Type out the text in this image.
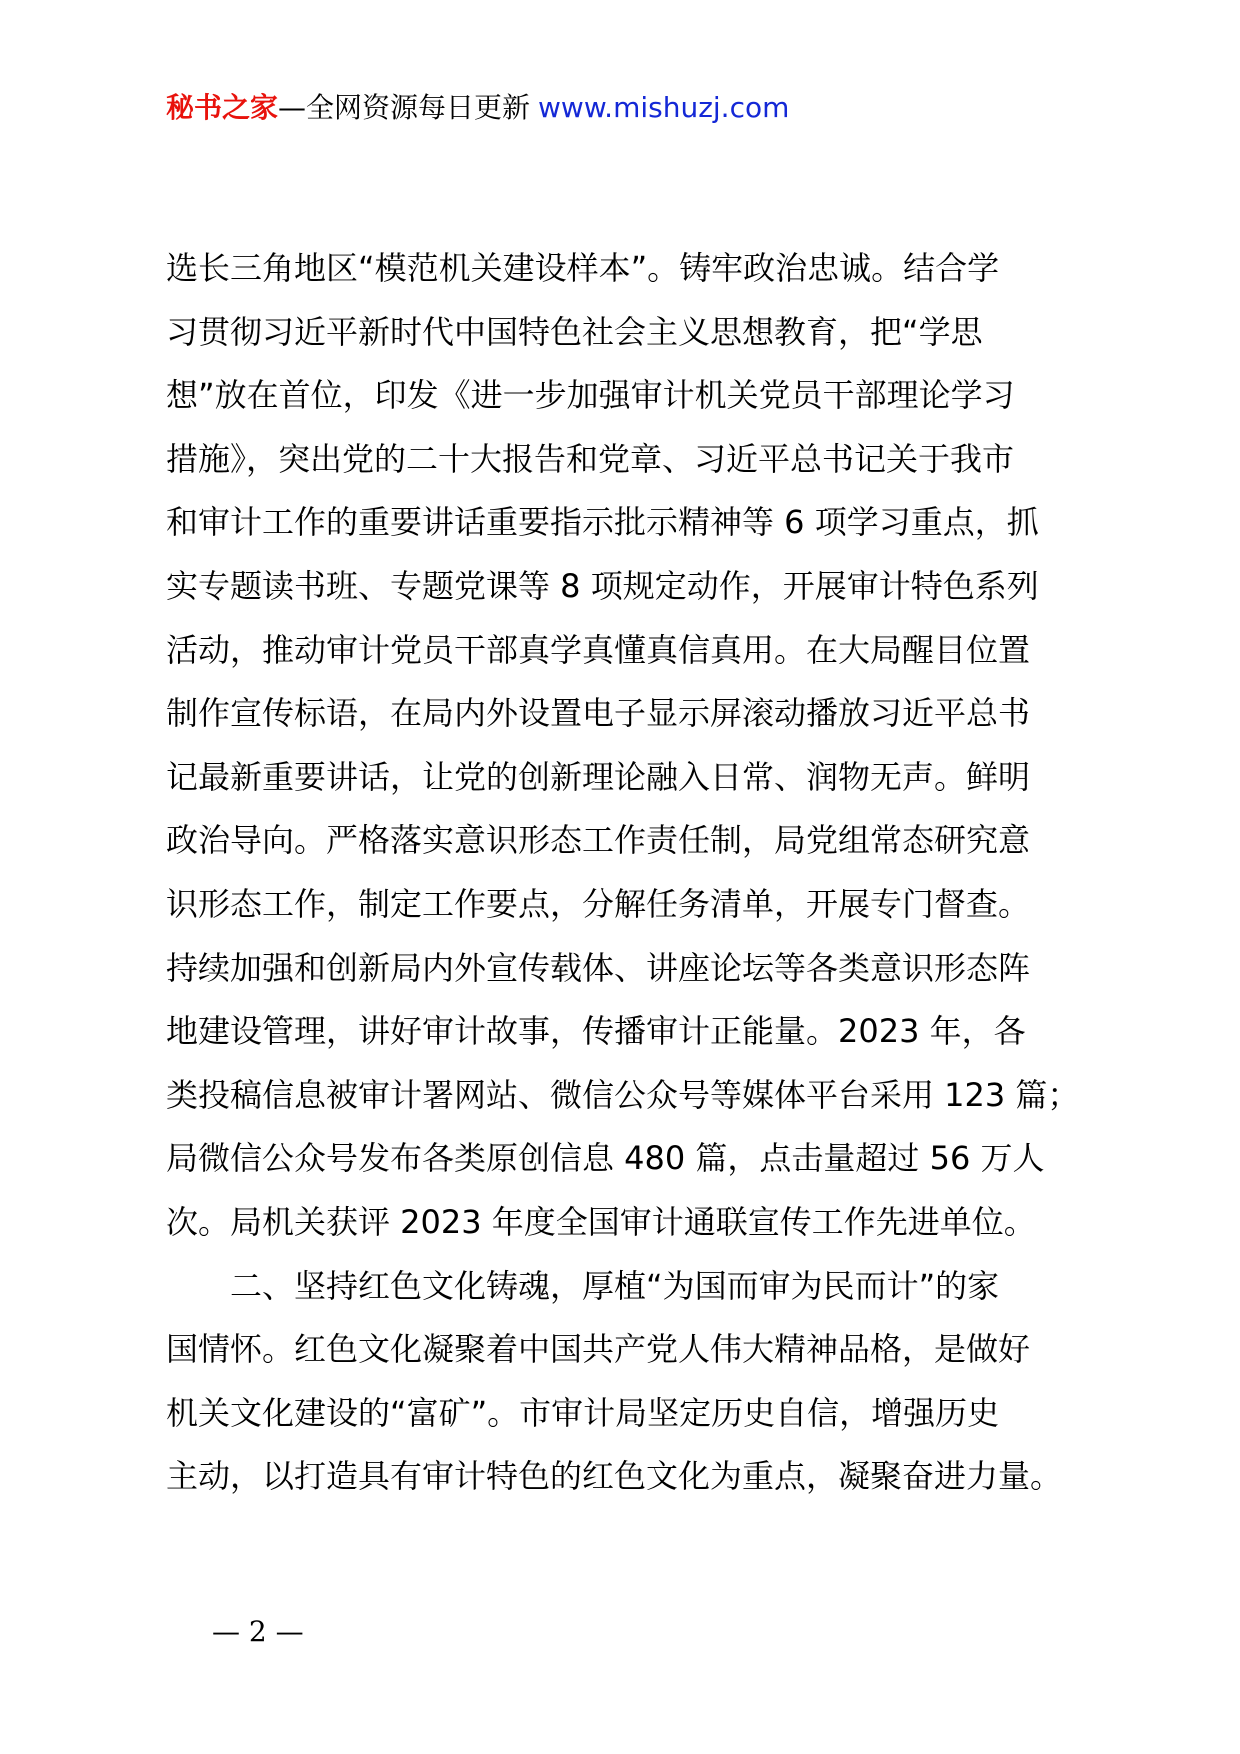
秘书之家—全网资源每日更新 www.mishuzj.com
选长三角地区“模范机关建设样本”。铸牢政治忠诚。结合学
习贯彻习近平新时代中国特色社会主义思想教育，把“学思
想”放在首位，印发《进一步加强审计机关党员干部理论学习
措施》，突出党的二十大报告和党章、习近平总书记关于我市
和审计工作的重要讲话重要指示批示精神等 6 项学习重点，抓
实专题读书班、专题党课等 8 项规定动作，开展审计特色系列
活动，推动审计党员干部真学真懂真信真用。在大局醒目位置
制作宣传标语，在局内外设置电子显示屏滚动播放习近平总书
记最新重要讲话，让党的创新理论融入日常、润物无声。鲜明
政治导向。严格落实意识形态工作责任制，局党组常态研究意
识形态工作，制定工作要点，分解任务清单，开展专门督查。
持续加强和创新局内外宣传载体、讲座论坛等各类意识形态阵
地建设管理，讲好审计故事，传播审计正能量。2023 年，各
类投稿信息被审计署网站、微信公众号等媒体平台采用 123 篇；
局微信公众号发布各类原创信息 480 篇，点击量超过 56 万人
次。局机关获评 2023 年度全国审计通联宣传工作先进单位。
二、坚持红色文化铸魂，厚植“为国而审为民而计”的家
国情怀。红色文化凝聚着中国共产党人伟大精神品格，是做好
机关文化建设的“富矿”。市审计局坚定历史自信，增强历史
主动，以打造具有审计特色的红色文化为重点，凝聚奋进力量。
— 2 —
